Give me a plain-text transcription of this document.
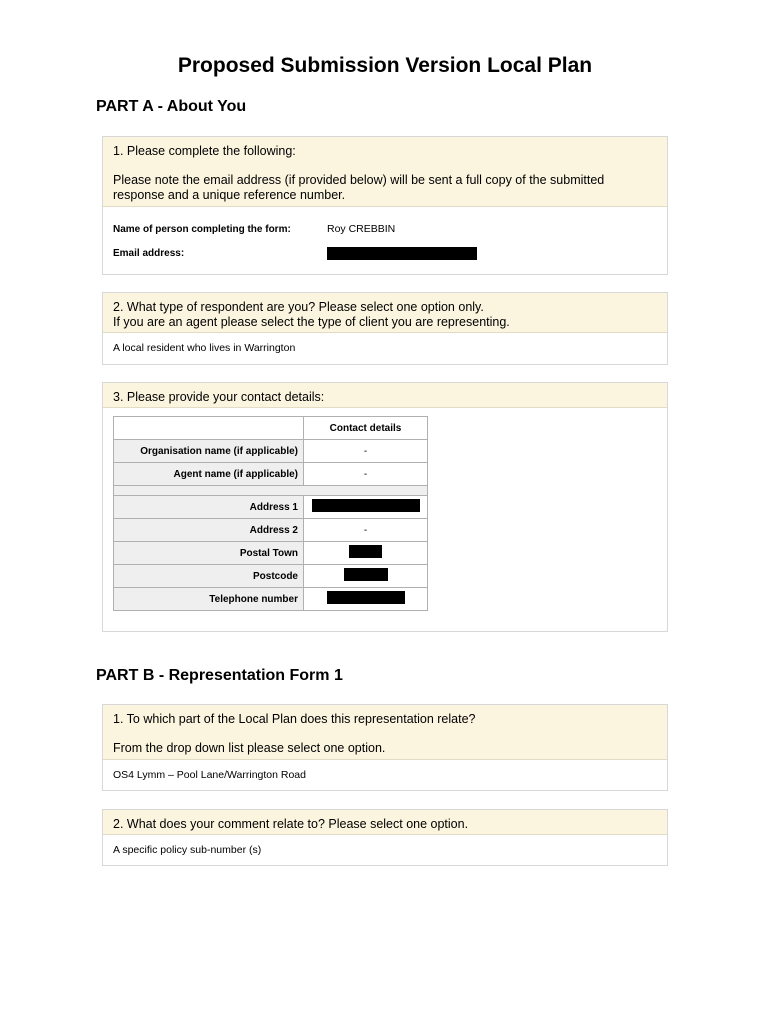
Proposed Submission Version Local Plan
PART A - About You

1. Please complete the following:

Please note the email address (if provided below) will be sent a full copy of the submitted response and a unique reference number.

Name of person completing the form:	Roy CREBBIN
Email address:

2. What type of respondent are you? Please select one option only.

If you are an agent please select the type of client you are representing.

A local resident who lives in Warrington

3. Please provide your contact details:

	Contact details
Organisation name (if applicable)	-
Agent name (if applicable)	-

Address 1	
Address 2	-
Postal Town	
Postcode	
Telephone number	
PART B - Representation Form 1

1. To which part of the Local Plan does this representation relate?

From the drop down list please select one option.

OS4 Lymm – Pool Lane/Warrington Road

2. What does your comment relate to? Please select one option.

A specific policy sub-number (s)
